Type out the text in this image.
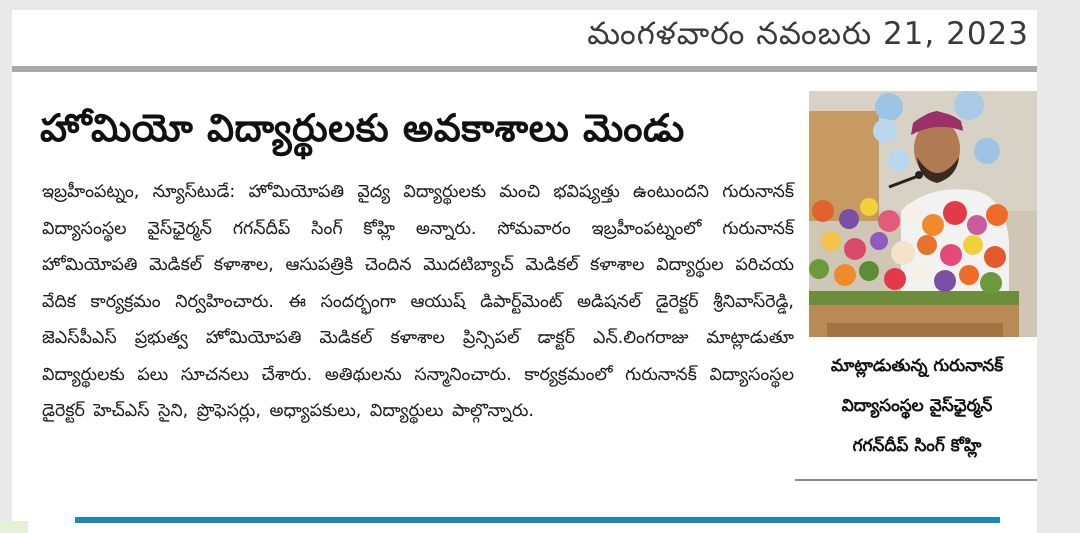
మంగళవారం నవంబరు 21, 2023
హోమియో విద్యార్థులకు అవకాశాలు మెండు

ఇబ్రహీంపట్నం, న్యూస్‌టుడే: హోమియోపతి వైద్య విద్యార్థులకు మంచి భవిష్యత్తు ఉంటుందని గురునానక్ విద్యాసంస్థల వైస్‌ఛైర్మన్ గగన్‌దీప్ సింగ్ కోహ్లి అన్నారు. సోమవారం ఇబ్రహీంపట్నంలో గురునానక్ హోమియోపతి మెడికల్ కళాశాల, ఆసుపత్రికి చెందిన మొదటిబ్యాచ్ మెడికల్ కళాశాల విద్యార్థుల పరిచయ వేదిక కార్యక్రమం నిర్వహించారు. ఈ సందర్భంగా ఆయుష్ డిపార్ట్‌మెంట్ అడిషనల్ డైరెక్టర్ శ్రీనివాస్‌రెడ్డి, జెఎస్‌పీఎస్ ప్రభుత్వ హోమియోపతి మెడికల్ కళాశాల ప్రిన్సిపల్ డాక్టర్ ఎన్.లింగరాజు మాట్లాడుతూ విద్యార్థులకు పలు సూచనలు చేశారు. అతిథులను సన్మానించారు. కార్యక్రమంలో గురునానక్ విద్యాసంస్థల డైరెక్టర్ హెచ్ఎస్ సైని, ప్రొఫెసర్లు, అధ్యాపకులు, విద్యార్థులు పాల్గొన్నారు.

మాట్లాడుతున్న గురునానక్
విద్యాసంస్థల వైస్‌ఛైర్మన్
గగన్‌దీప్ సింగ్ కోహ్లి
